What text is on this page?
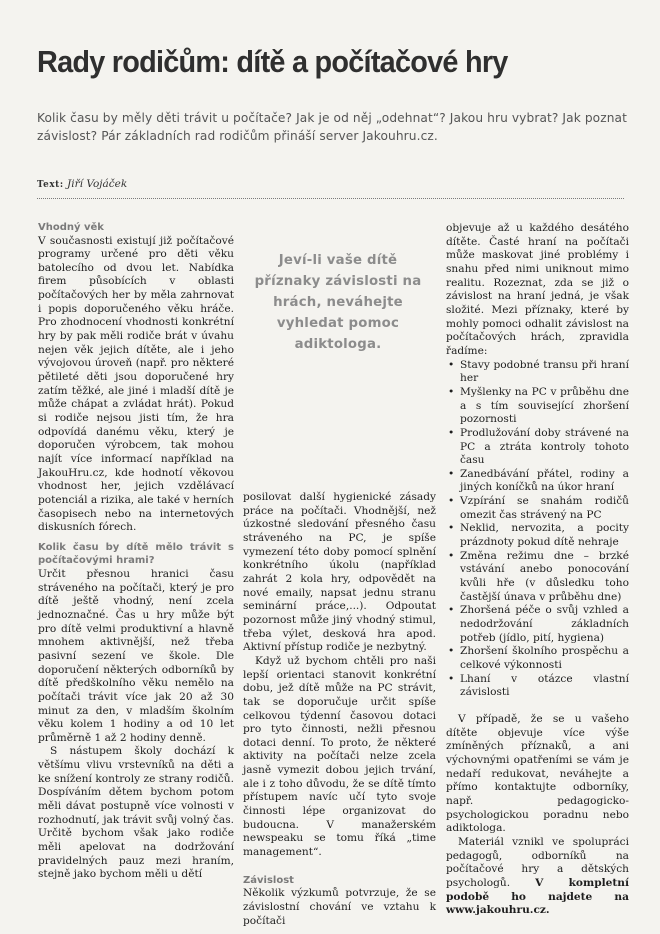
Rady rodičům: dítě a počítačové hry
Kolik času by měly děti trávit u počítače? Jak je od něj „odehnat“? Jakou hru vybrat? Jak poznat závislost? Pár základních rad rodičům přináší server Jakouhru.cz.
Text: Jiří Vojáček
Vhodný věk

V současnosti existují již počítačové programy určené pro děti věku batolecího od dvou let. Nabídka firem působících v oblasti počítačových her by měla zahrnovat i popis doporučeného věku hráče. Pro zhodnocení vhodnosti konkrétní hry by pak měli rodiče brát v úvahu nejen věk jejich dítěte, ale i jeho vývojovou úroveň (např. pro některé pětileté děti jsou doporučené hry zatím těžké, ale jiné i mladší dítě je může chápat a zvládat hrát). Pokud si rodiče nejsou jisti tím, že hra odpovídá danému věku, který je doporučen výrobcem, tak mohou najít více informací například na JakouHru.cz, kde hodnotí věkovou vhodnost her, jejich vzdělávací potenciál a rizika, ale také v herních časopisech nebo na internetových diskusních fórech.

Kolik času by dítě mělo trávit s počítačovými hrami?

Určit přesnou hranici času stráveného na počítači, který je pro dítě ještě vhodný, není zcela jednoznačné. Čas u hry může být pro dítě velmi produktivní a hlavně mnohem aktivnější, než třeba pasivní sezení ve škole. Dle doporučení některých odborníků by dítě předškolního věku nemělo na počítači trávit více jak 20 až 30 minut za den, v mladším školním věku kolem 1 hodiny a od 10 let průměrně 1 až 2 hodiny denně.

S nástupem školy dochází k většímu vlivu vrstevníků na děti a ke snížení kontroly ze strany rodičů. Dospíváním dětem bychom potom měli dávat postupně více volnosti v rozhodnutí, jak trávit svůj volný čas. Určitě bychom však jako rodiče měli apelovat na dodržování pravidelných pauz mezi hraním, stejně jako bychom měli u dětí

Jeví-li vaše dítě příznaky závislosti na hrách, neváhejte vyhledat pomoc adiktologa.

posilovat další hygienické zásady práce na počítači. Vhodnější, než úzkostné sledování přesného času stráveného na PC, je spíše vymezení této doby pomocí splnění konkrétního úkolu (například zahrát 2 kola hry, odpovědět na nové emaily, napsat jednu stranu seminární práce,...). Odpoutat pozornost může jiný vhodný stimul, třeba výlet, desková hra apod. Aktivní přístup rodiče je nezbytný.

Když už bychom chtěli pro naši lepší orientaci stanovit konkrétní dobu, jež dítě může na PC strávit, tak se doporučuje určit spíše celkovou týdenní časovou dotaci pro tyto činnosti, nežli přesnou dotaci denní. To proto, že některé aktivity na počítači nelze zcela jasně vymezit dobou jejich trvání, ale i z toho důvodu, že se dítě tímto přístupem navíc učí tyto svoje činnosti lépe organizovat do budoucna. V manažerském newspeaku se tomu říká „time management“.

Závislost

Několik výzkumů potvrzuje, že se závislostní chování ve vztahu k počítači

objevuje až u každého desátého dítěte. Časté hraní na počítači může maskovat jiné problémy i snahu před nimi uniknout mimo realitu. Rozeznat, zda se již o závislost na hraní jedná, je však složité. Mezi příznaky, které by mohly pomoci odhalit závislost na počítačových hrách, zpravidla řadíme:

• Stavy podobné transu při hraní her
• Myšlenky na PC v průběhu dne a s tím související zhoršení pozornosti
• Prodlužování doby strávené na PC a ztráta kontroly tohoto času
• Zanedbávání přátel, rodiny a jiných koníčků na úkor hraní
• Vzpírání se snahám rodičů omezit čas strávený na PC
• Neklid, nervozita, a pocity prázdnoty pokud dítě nehraje
• Změna režimu dne – brzké vstávání anebo ponocování kvůli hře (v důsledku toho častější únava v průběhu dne)
• Zhoršená péče o svůj vzhled a nedodržování základních potřeb (jídlo, pití, hygiena)
• Zhoršení školního prospěchu a celkové výkonnosti
• Lhaní v otázce vlastní závislosti

V případě, že se u vašeho dítěte objevuje více výše zmíněných příznaků, a ani výchovnými opatřeními se vám je nedaří redukovat, neváhejte a přímo kontaktujte odborníky, např. pedagogicko-psychologickou poradnu nebo adiktologa.

Materiál vznikl ve spolupráci pedagogů, odborníků na počítačové hry a dětských psychologů. V kompletní podobě ho najdete na www.jakouhru.cz.
